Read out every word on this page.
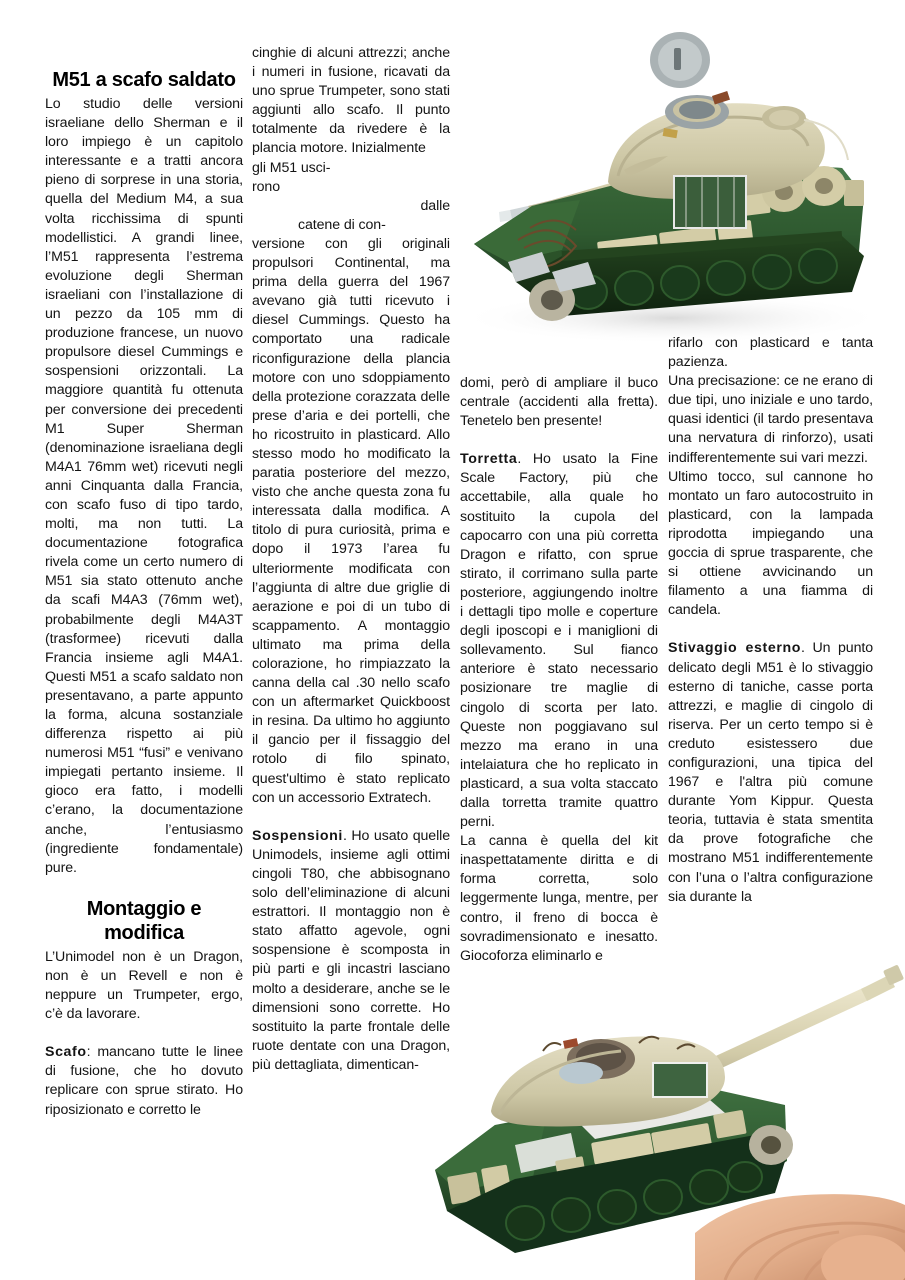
M51 a scafo saldato

Lo studio delle versioni israeliane dello Sherman e il loro impiego è un capitolo interessante e a tratti ancora pieno di sorprese in una storia, quella del Medium M4, a sua volta ricchissima di spunti modellistici. A grandi linee, l’M51 rappresenta l’estrema evoluzione degli Sherman israeliani con l’installazione di un pezzo da 105 mm di produzione francese, un nuovo propulsore diesel Cummings e sospensioni orizzontali. La maggiore quantità fu ottenuta per conversione dei precedenti M1 Super Sherman (denominazione israeliana degli M4A1 76mm wet) ricevuti negli anni Cinquanta dalla Francia, con scafo fuso di tipo tardo, molti, ma non tutti. La documentazione fotografica rivela come un certo numero di M51 sia stato ottenuto anche da scafi M4A3 (76mm wet), probabilmente degli M4A3T (trasformee) ricevuti dalla Francia insieme agli M4A1. Questi M51 a scafo saldato non presentavano, a parte appunto la forma, alcuna sostanziale differenza rispetto ai più numerosi M51 “fusi” e venivano impiegati pertanto insieme. Il gioco era fatto, i modelli c’erano, la documentazione anche, l’entusiasmo (ingrediente fondamentale) pure.

Montaggio e modifica

L’Unimodel non è un Dragon, non è un Revell e non è neppure un Trumpeter, ergo, c’è da lavorare.

Scafo: mancano tutte le linee di fusione, che ho dovuto replicare con sprue stirato. Ho riposizionato e corretto le

cinghie di alcuni attrezzi; anche i numeri in fusione, ricavati da uno sprue Trumpeter, sono stati aggiunti allo scafo. Il punto totalmente da rivedere è la plancia motore. Inizialmente

gli M51 usci-

rono

dalle

catene di con-

versione con gli originali propulsori Continental, ma prima della guerra del 1967 avevano già tutti ricevuto i diesel Cummings. Questo ha comportato una radicale riconfigurazione della plancia motore con uno sdoppiamento della protezione corazzata delle prese d’aria e dei portelli, che ho ricostruito in plasticard. Allo stesso modo ho modificato la paratia posteriore del mezzo, visto che anche questa zona fu interessata dalla modifica. A titolo di pura curiosità, prima e dopo il 1973 l’area fu ulteriormente modificata con l’aggiunta di altre due griglie di aerazione e poi di un tubo di scappamento. A montaggio ultimato ma prima della colorazione, ho rimpiazzato la canna della cal .30 nello scafo con un aftermarket Quickboost in resina. Da ultimo ho aggiunto il gancio per il fissaggio del rotolo di filo spinato, quest'ultimo è stato replicato con un accessorio Extratech.

Sospensioni. Ho usato quelle Unimodels, insieme agli ottimi cingoli T80, che abbisognano solo dell’eliminazione di alcuni estrattori. Il montaggio non è stato affatto agevole, ogni sospensione è scomposta in più parti e gli incastri lasciano molto a desiderare, anche se le dimensioni sono corrette. Ho sostituito la parte frontale delle ruote dentate con una Dragon, più dettagliata, dimentican-

domi, però di ampliare il buco centrale (accidenti alla fretta). Tenetelo ben presente!

Torretta. Ho usato la Fine Scale Factory, più che accettabile, alla quale ho sostituito la cupola del capocarro con una più corretta Dragon e rifatto, con sprue stirato, il corrimano sulla parte posteriore, aggiungendo inoltre i dettagli tipo molle e coperture degli iposcopi e i maniglioni di sollevamento. Sul fianco anteriore è stato necessario posizionare tre maglie di cingolo di scorta per lato. Queste non poggiavano sul mezzo ma erano in una intelaiatura che ho replicato in plasticard, a sua volta staccato dalla torretta tramite quattro perni.

La canna è quella del kit inaspettatamente diritta e di forma corretta, solo leggermente lunga, mentre, per contro, il freno di bocca è sovradimensionato e inesatto. Giocoforza eliminarlo e

rifarlo con plasticard e tanta pazienza.

Una precisazione: ce ne erano di due tipi, uno iniziale e uno tardo, quasi identici (il tardo presentava una nervatura di rinforzo), usati indifferentemente sui vari mezzi.

Ultimo tocco, sul cannone ho montato un faro autocostruito in plasticard, con la lampada riprodotta impiegando una goccia di sprue trasparente, che si ottiene avvicinando un filamento a una fiamma di candela.

Stivaggio esterno. Un punto delicato degli M51 è lo stivaggio esterno di taniche, casse porta attrezzi, e maglie di cingolo di riserva. Per un certo tempo si è creduto esistessero due configurazioni, una tipica del 1967 e l'altra più comune durante Yom Kippur. Questa teoria, tuttavia è stata smentita da prove fotografiche che mostrano M51 indifferentemente con l’una o l’altra configurazione sia durante la
